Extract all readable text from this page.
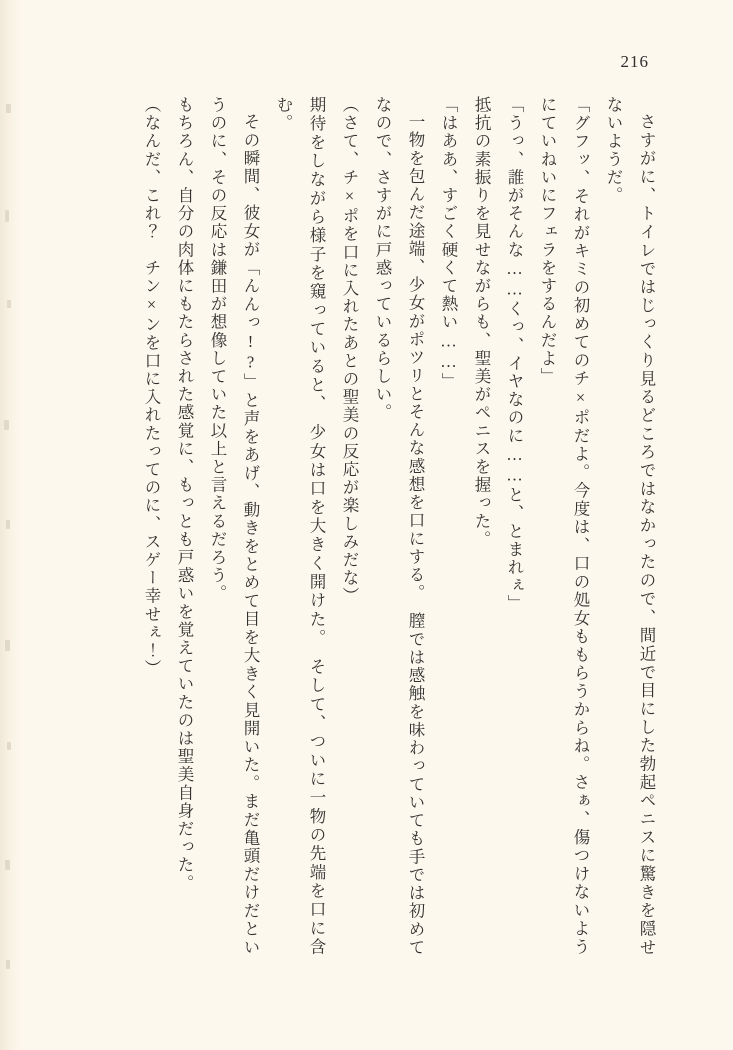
216

さすがに、トイレではじっくり見るどころではなかったので、間近で目にした勃起ペニスに驚きを隠せないようだ。

「グフッ、それがキミの初めてのチ×ポだよ。今度は、口の処女ももらうからね。さぁ、傷つけないようにていねいにフェラをするんだよ」

「うっ、誰がそんな……くっ、イヤなのに……と、とまれぇ」

抵抗の素振りを見せながらも、聖美がペニスを握った。

「はああ、すごく硬くて熱い……」

一物を包んだ途端、少女がポツリとそんな感想を口にする。　膣では感触を味わっていても手では初めてなので、さすがに戸惑っているらしい。

（さて、チ×ポを口に入れたあとの聖美の反応が楽しみだな）

期待をしながら様子を窺っていると、　少女は口を大きく開けた。　そして、ついに一物の先端を口に含む。

その瞬間、彼女が「んんっ!?」と声をあげ、動きをとめて目を大きく見開いた。まだ亀頭だけだというのに、その反応は鎌田が想像していた以上と言えるだろう。

もちろん、自分の肉体にもたらされた感覚に、もっとも戸惑いを覚えていたのは聖美自身だった。

（なんだ、これ？　チン×ンを口に入れたってのに、スゲー幸せぇ！）
